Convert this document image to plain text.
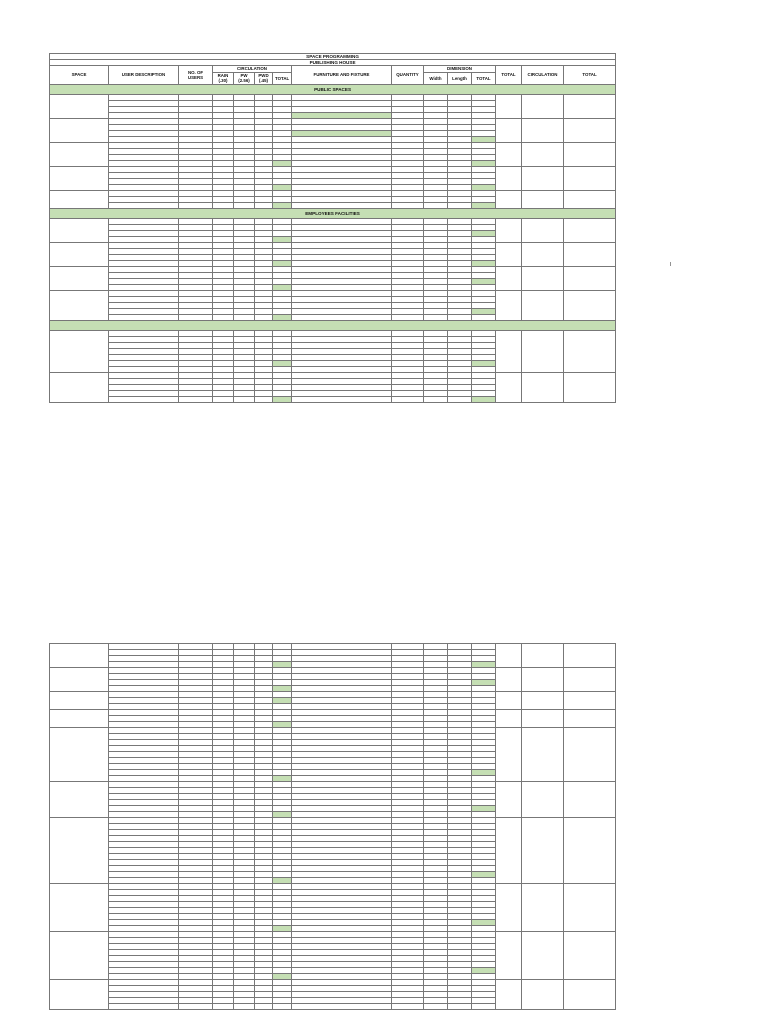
SPACE PROGRAMMING														
PUBLISHING HOUSE														
SPACE	USER DESCRIPTION	NO. OF USERS	CIRCULATION				FURNITURE AND FIXTURE	QUANTITY	DIMENSION			TOTAL	CIRCULATION	TOTAL
			RAIN (.30)	PW (2.56)	PWD (.45)	TOTAL			Width	Length	TOTAL			
PUBLIC SPACES														

EMPLOYEES FACILITIES														

I
